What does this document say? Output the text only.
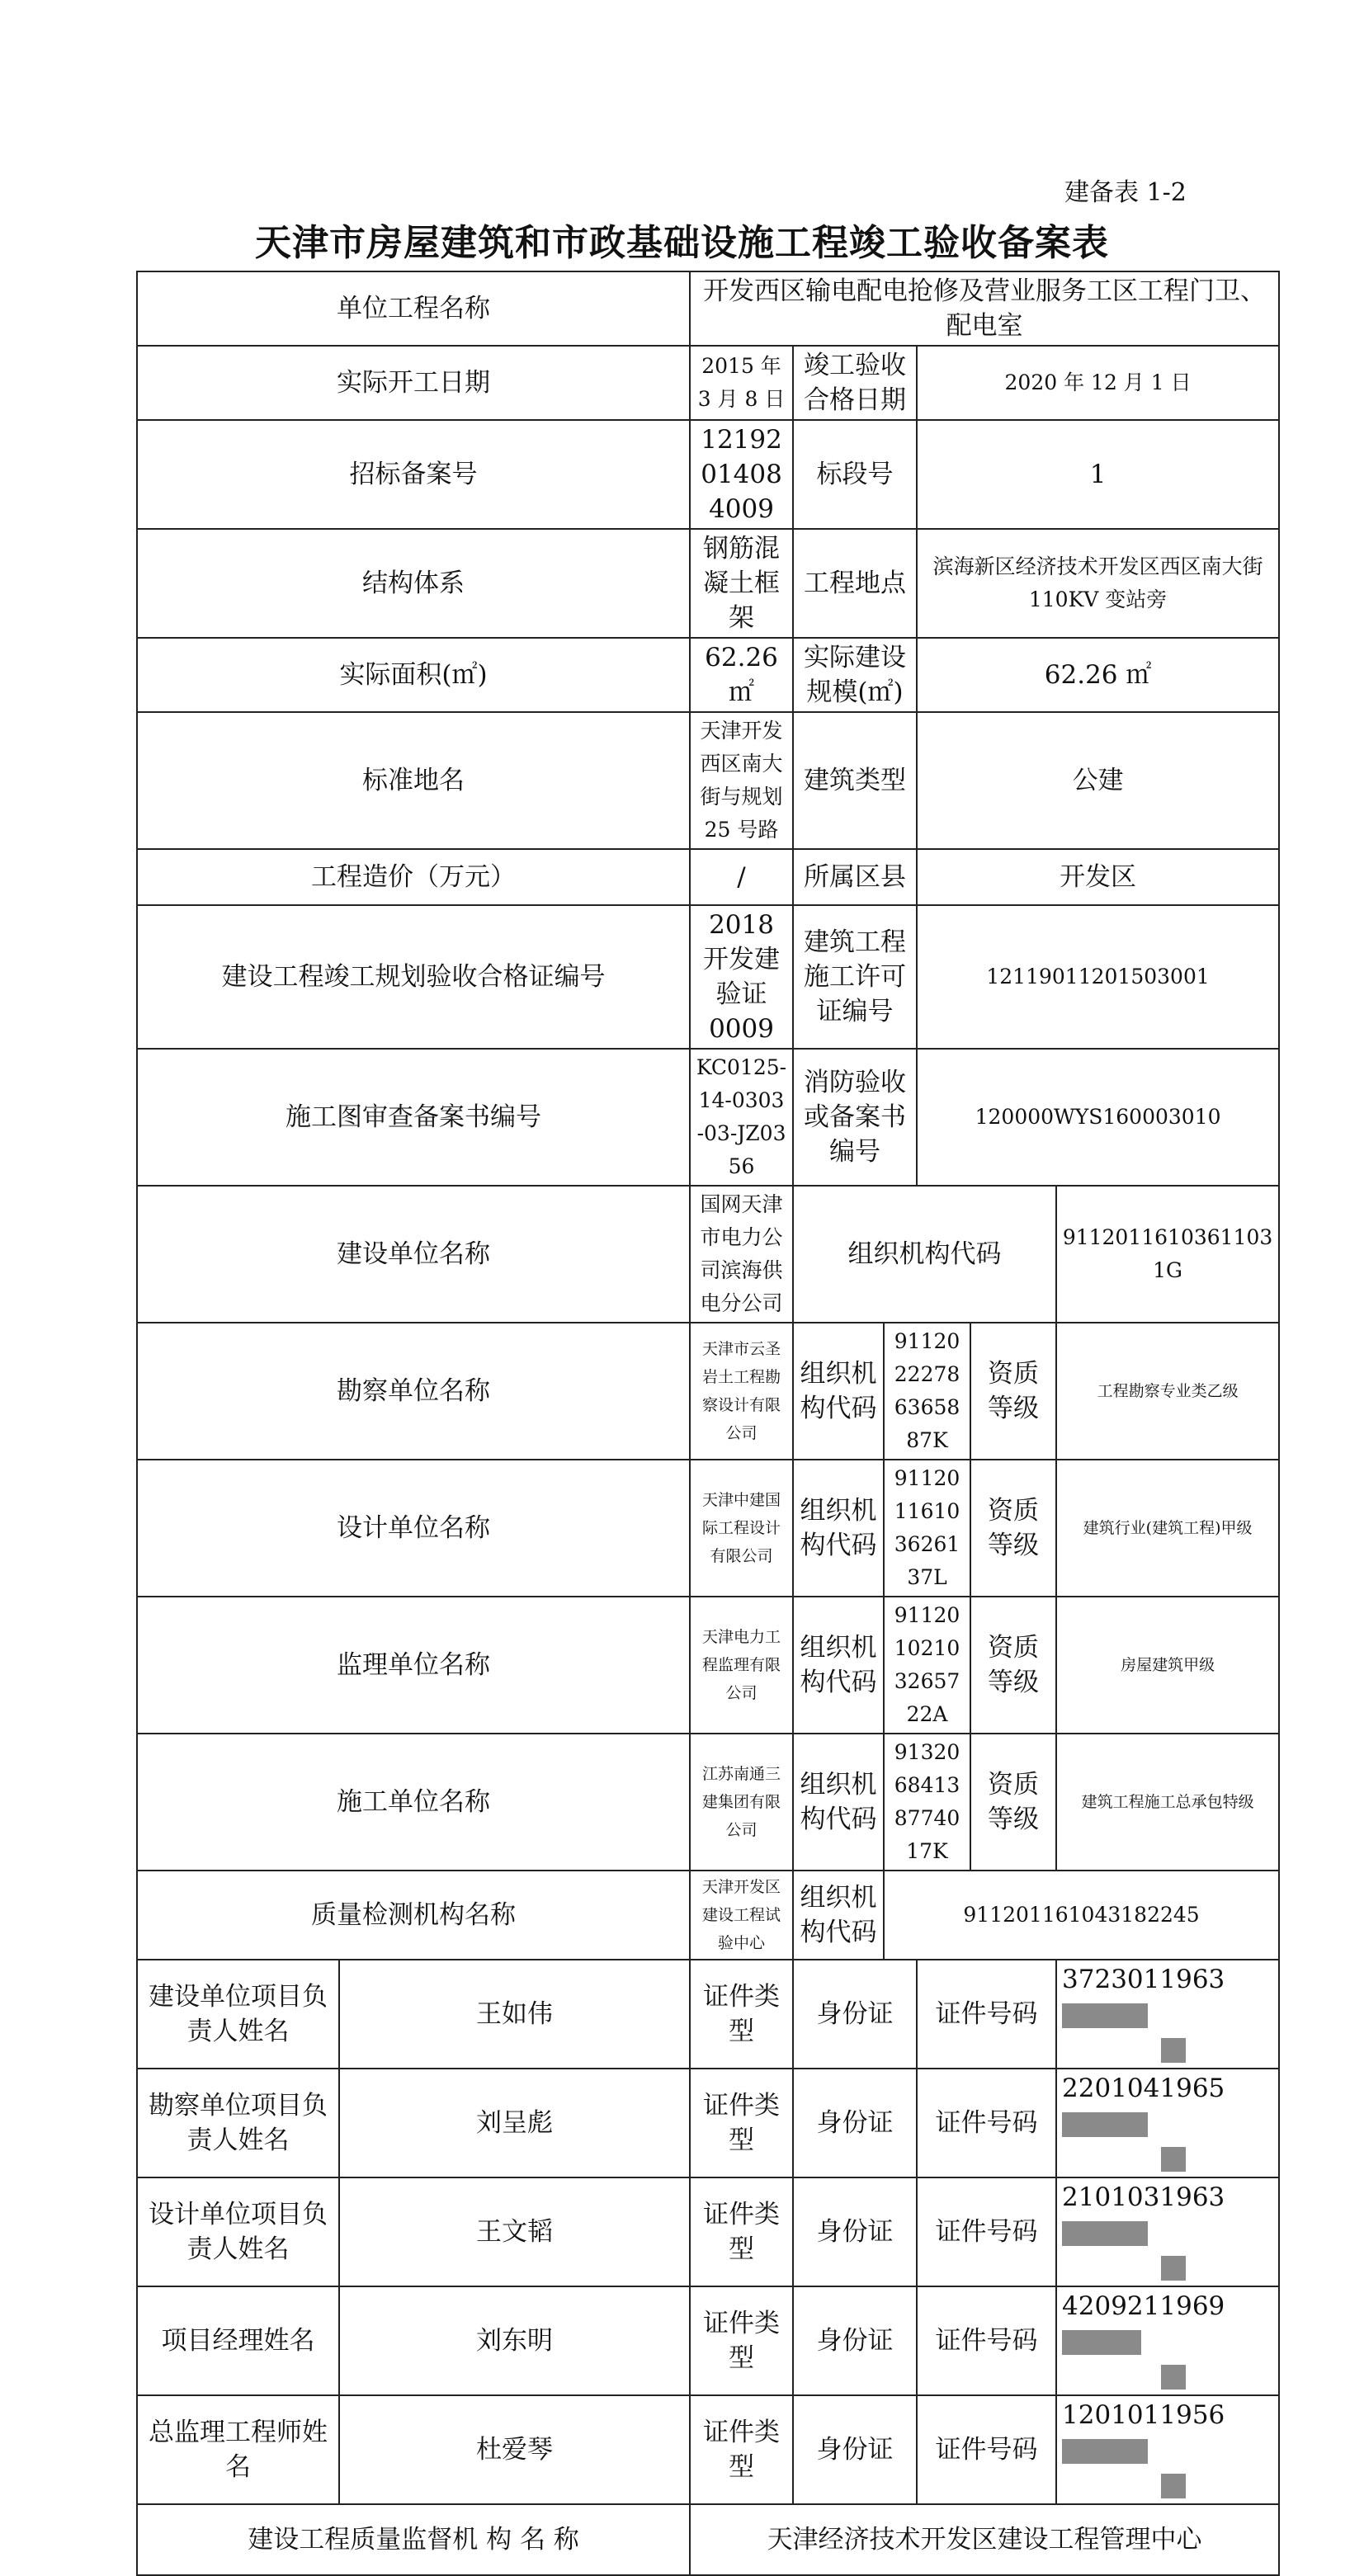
建备表 1-2
天津市房屋建筑和市政基础设施工程竣工验收备案表
单位工程名称		开发西区输电配电抢修及营业服务工区工程门卫、配电室					
实际开工日期		2015 年 3 月 8 日	竣工验收合格日期		2020 年 12 月 1 日		
招标备案号		12192014084009	标段号		1		
结构体系		钢筋混凝土框架	工程地点		滨海新区经济技术开发区西区南大街 110KV 变站旁		
实际面积(㎡)		62.26 ㎡	实际建设规模(㎡)		62.26 ㎡		
标准地名		天津开发西区南大街与规划 25 号路	建筑类型		公建		
工程造价（万元）		/	所属区县		开发区		
建设工程竣工规划验收合格证编号		2018 开发建验证 0009	建筑工程施工许可证编号		12119011201503001		
施工图审查备案书编号		KC0125-14-0303-03-JZ0356	消防验收或备案书编号		120000WYS160003010		
建设单位名称		国网天津市电力公司滨海供电分公司	组织机构代码				91120116103611031G
勘察单位名称		天津市云圣岩土工程勘察设计有限公司	组织机构代码	91120222786365887K		资质等级	工程勘察专业类乙级
设计单位名称		天津中建国际工程设计有限公司	组织机构代码	91120116103626137L		资质等级	建筑行业(建筑工程)甲级
监理单位名称		天津电力工程监理有限公司	组织机构代码	91120102103265722A		资质等级	房屋建筑甲级
施工单位名称		江苏南通三建集团有限公司	组织机构代码	91320684138774017K		资质等级	建筑工程施工总承包特级
质量检测机构名称		天津开发区建设工程试验中心	组织机构代码	911201161043182245			
建设单位项目负责人姓名	王如伟	证件类型	身份证		证件号码		3723011963

勘察单位项目负责人姓名	刘呈彪	证件类型	身份证		证件号码		2201041965

设计单位项目负责人姓名	王文韬	证件类型	身份证		证件号码		2101031963

项目经理姓名	刘东明	证件类型	身份证		证件号码		4209211969

总监理工程师姓名	杜爱琴	证件类型	身份证		证件号码		1201011956

建设工程质量监督机 构 名 称		天津经济技术开发区建设工程管理中心					
